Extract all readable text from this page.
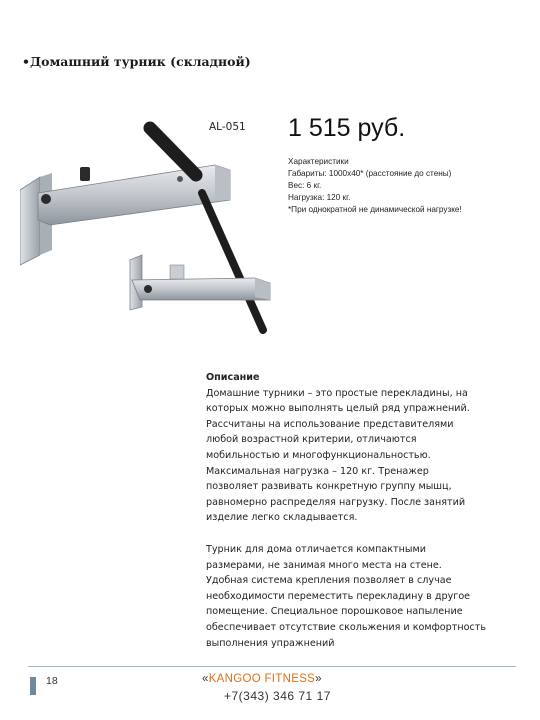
•Домашний турник (складной)
AL-051 1 515 руб.
Характеристики
Габариты: 1000х40* (расстояние до стены)
Вес: 6 кг.
Нагрузка: 120 кг.
*При однократной не динамической нагрузке!
Описание

Домашние турники – это простые перекладины, на
которых можно выполнять целый ряд упражнений.
Рассчитаны на использование представителями
любой возрастной критерии, отличаются
мобильностью и многофункциональностью.
Максимальная нагрузка – 120 кг. Тренажер
позволяет развивать конкретную группу мышц,
равномерно распределяя нагрузку. После занятий
изделие легко складывается.

Турник для дома отличается компактными
размерами, не занимая много места на стене.
Удобная система крепления позволяет в случае
необходимости переместить перекладину в другое
помещение. Специальное порошковое напыление
обеспечивает отсутствие скольжения и комфортность
выполнения упражнений

18	«KANGOO FITNESS»
+7(343) 346 71 17
